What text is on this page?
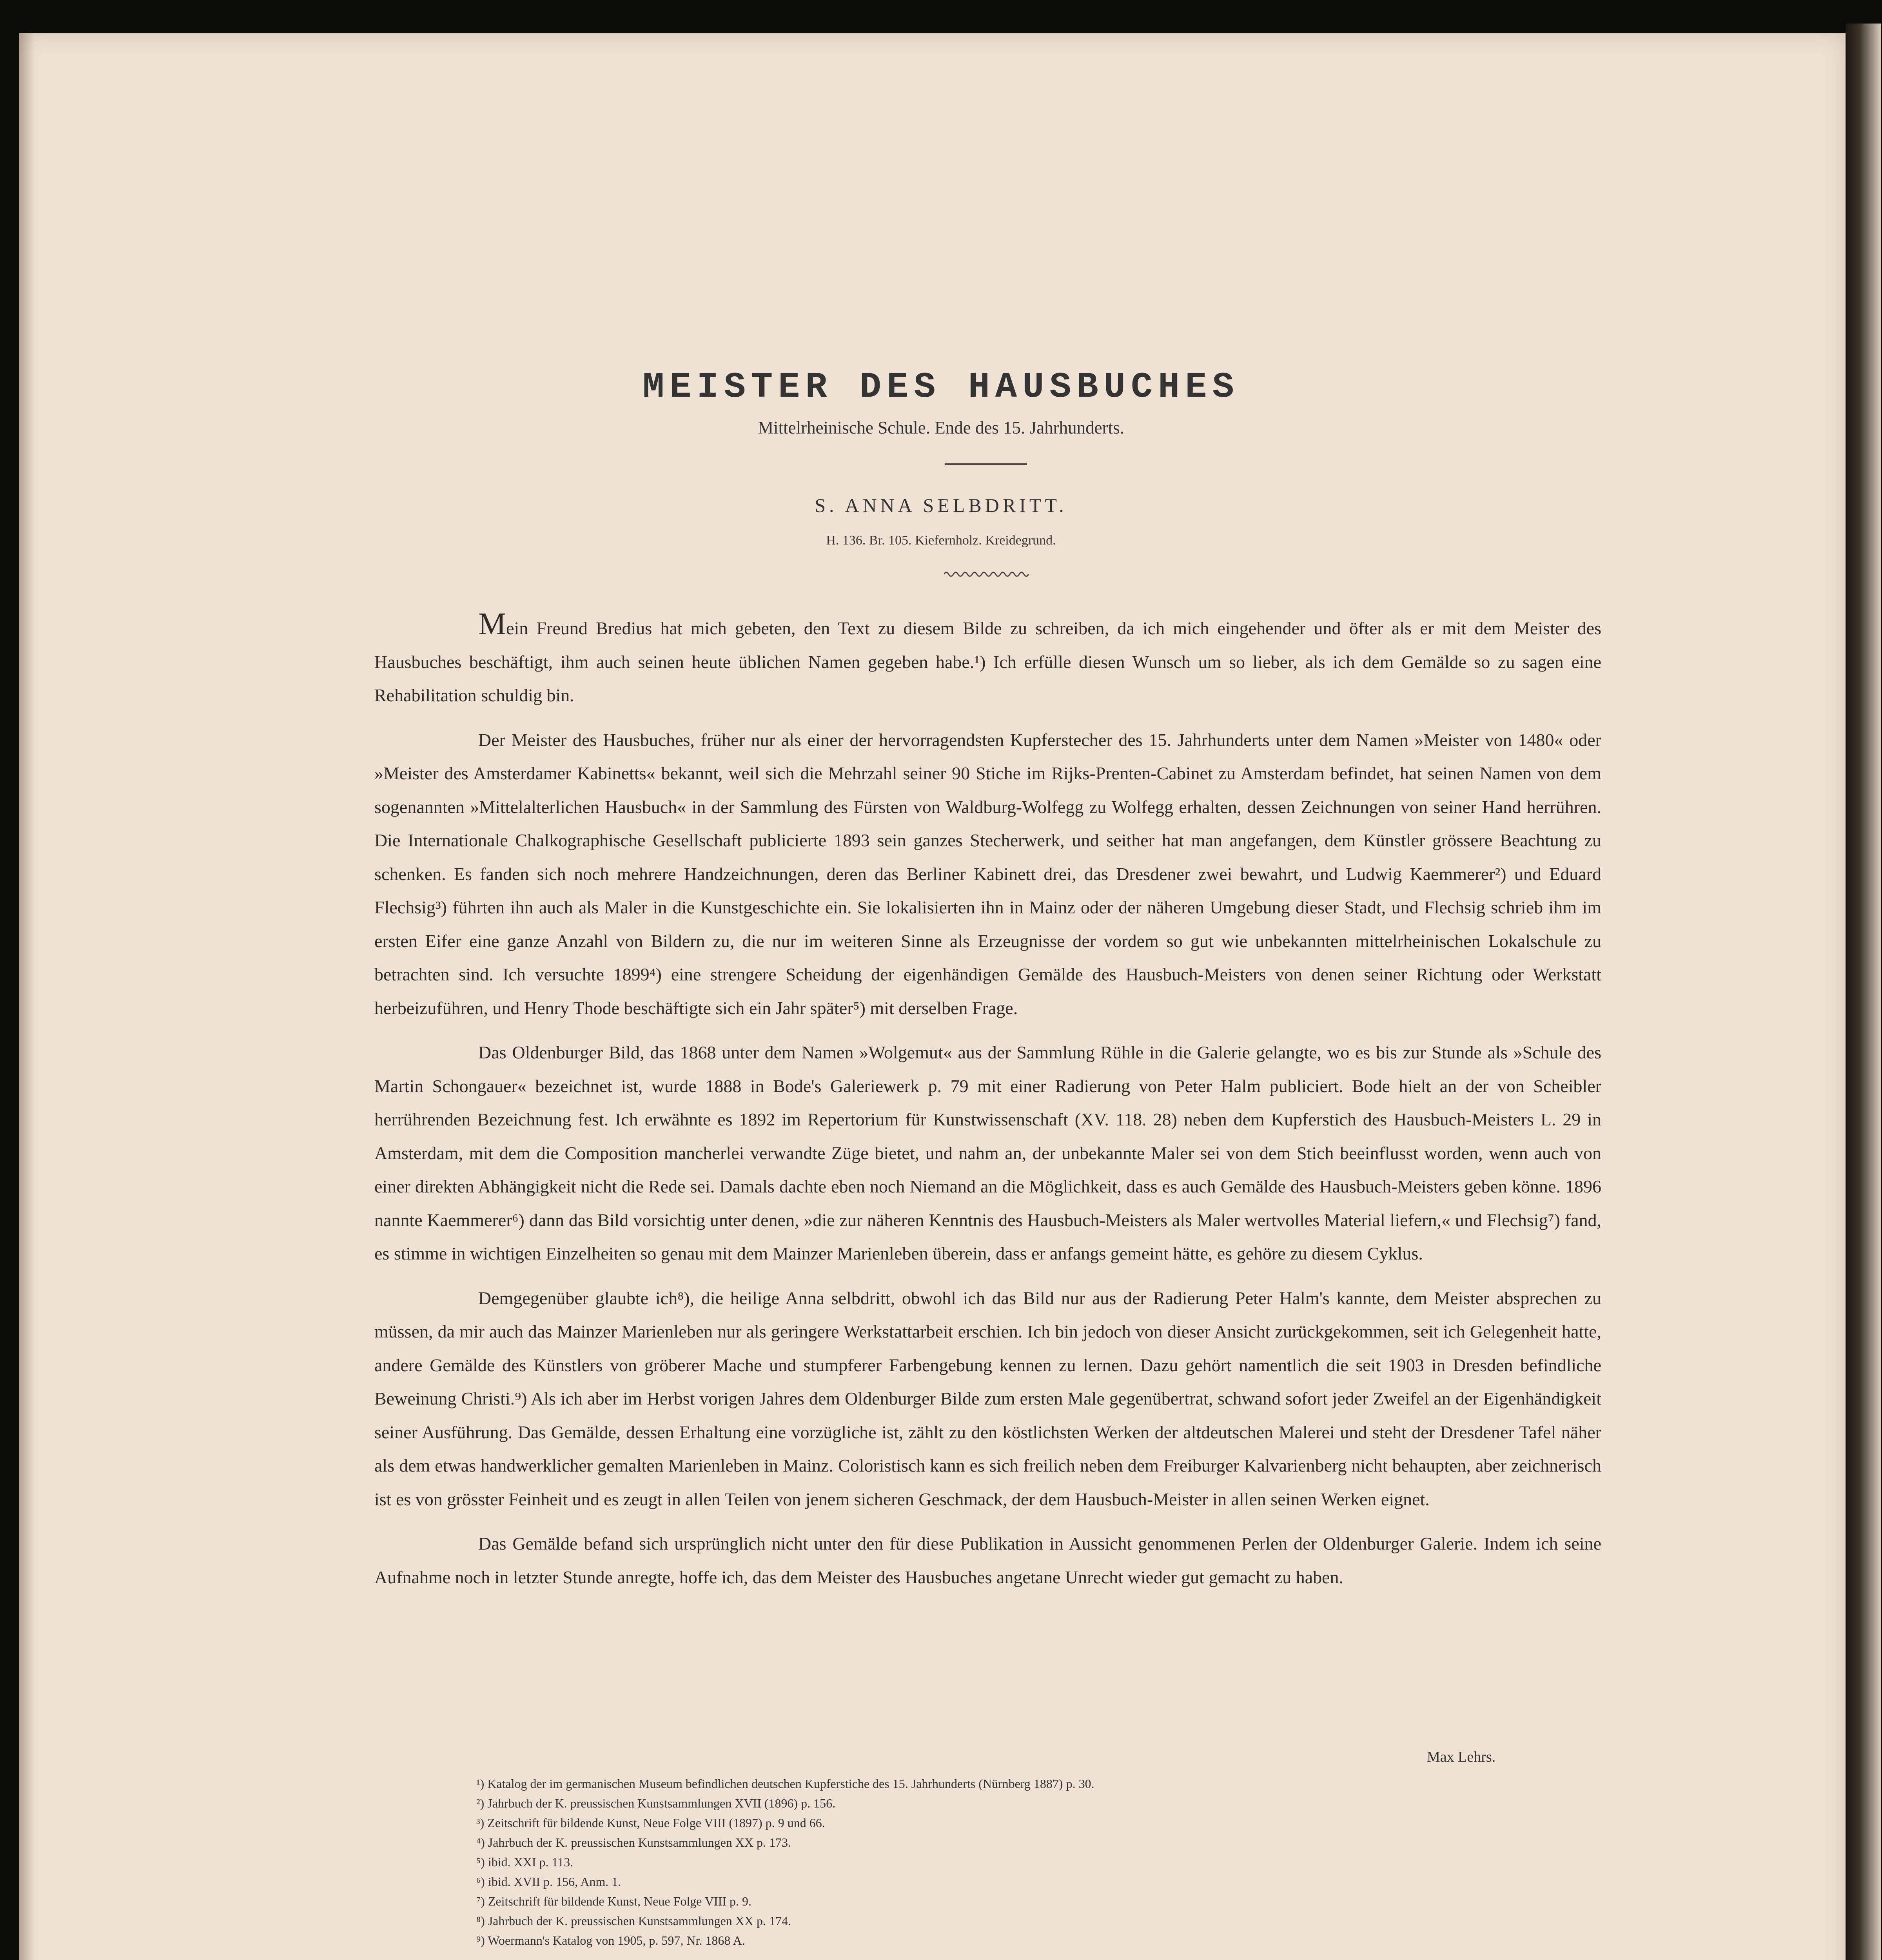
MEISTER DES HAUSBUCHES
Mittelrheinische Schule. Ende des 15. Jahrhunderts.
S. ANNA SELBDRITT.
H. 136. Br. 105. Kiefernholz. Kreidegrund.

Mein Freund Bredius hat mich gebeten, den Text zu diesem Bilde zu schreiben, da ich mich eingehender und öfter als er mit dem Meister des Hausbuches beschäftigt, ihm auch seinen heute üblichen Namen gegeben habe.¹) Ich erfülle diesen Wunsch um so lieber, als ich dem Gemälde so zu sagen eine Rehabilitation schuldig bin.

Der Meister des Hausbuches, früher nur als einer der hervorragendsten Kupferstecher des 15. Jahrhunderts unter dem Namen »Meister von 1480« oder »Meister des Amsterdamer Kabinetts« bekannt, weil sich die Mehrzahl seiner 90 Stiche im Rijks-Prenten-Cabinet zu Amsterdam befindet, hat seinen Namen von dem sogenannten »Mittelalterlichen Hausbuch« in der Sammlung des Fürsten von Waldburg-Wolfegg zu Wolfegg erhalten, dessen Zeichnungen von seiner Hand herrühren. Die Internationale Chalkographische Gesellschaft publicierte 1893 sein ganzes Stecherwerk, und seither hat man angefangen, dem Künstler grössere Beachtung zu schenken. Es fanden sich noch mehrere Handzeichnungen, deren das Berliner Kabinett drei, das Dresdener zwei bewahrt, und Ludwig Kaemmerer²) und Eduard Flechsig³) führten ihn auch als Maler in die Kunstgeschichte ein. Sie lokalisierten ihn in Mainz oder der näheren Umgebung dieser Stadt, und Flechsig schrieb ihm im ersten Eifer eine ganze Anzahl von Bildern zu, die nur im weiteren Sinne als Erzeugnisse der vordem so gut wie unbekannten mittelrheinischen Lokalschule zu betrachten sind. Ich versuchte 1899⁴) eine strengere Scheidung der eigenhändigen Gemälde des Hausbuch-Meisters von denen seiner Richtung oder Werkstatt herbeizuführen, und Henry Thode beschäftigte sich ein Jahr später⁵) mit derselben Frage.

Das Oldenburger Bild, das 1868 unter dem Namen »Wolgemut« aus der Sammlung Rühle in die Galerie gelangte, wo es bis zur Stunde als »Schule des Martin Schongauer« bezeichnet ist, wurde 1888 in Bode's Galeriewerk p. 79 mit einer Radierung von Peter Halm publiciert. Bode hielt an der von Scheibler herrührenden Bezeichnung fest. Ich erwähnte es 1892 im Repertorium für Kunstwissenschaft (XV. 118. 28) neben dem Kupferstich des Hausbuch-Meisters L. 29 in Amsterdam, mit dem die Composition mancherlei verwandte Züge bietet, und nahm an, der unbekannte Maler sei von dem Stich beeinflusst worden, wenn auch von einer direkten Abhängigkeit nicht die Rede sei. Damals dachte eben noch Niemand an die Möglichkeit, dass es auch Gemälde des Hausbuch-Meisters geben könne. 1896 nannte Kaemmerer⁶) dann das Bild vorsichtig unter denen, »die zur näheren Kenntnis des Hausbuch-Meisters als Maler wertvolles Material liefern,« und Flechsig⁷) fand, es stimme in wichtigen Einzelheiten so genau mit dem Mainzer Marienleben überein, dass er anfangs gemeint hätte, es gehöre zu diesem Cyklus.

Demgegenüber glaubte ich⁸), die heilige Anna selbdritt, obwohl ich das Bild nur aus der Radierung Peter Halm's kannte, dem Meister absprechen zu müssen, da mir auch das Mainzer Marienleben nur als geringere Werkstattarbeit erschien. Ich bin jedoch von dieser Ansicht zurückgekommen, seit ich Gelegenheit hatte, andere Gemälde des Künstlers von gröberer Mache und stumpferer Farbengebung kennen zu lernen. Dazu gehört namentlich die seit 1903 in Dresden befindliche Beweinung Christi.⁹) Als ich aber im Herbst vorigen Jahres dem Oldenburger Bilde zum ersten Male gegenübertrat, schwand sofort jeder Zweifel an der Eigenhändigkeit seiner Ausführung. Das Gemälde, dessen Erhaltung eine vorzügliche ist, zählt zu den köstlichsten Werken der altdeutschen Malerei und steht der Dresdener Tafel näher als dem etwas handwerklicher gemalten Marienleben in Mainz. Coloristisch kann es sich freilich neben dem Freiburger Kalvarienberg nicht behaupten, aber zeichnerisch ist es von grösster Feinheit und es zeugt in allen Teilen von jenem sicheren Geschmack, der dem Hausbuch-Meister in allen seinen Werken eignet.

Das Gemälde befand sich ursprünglich nicht unter den für diese Publikation in Aussicht genommenen Perlen der Oldenburger Galerie. Indem ich seine Aufnahme noch in letzter Stunde anregte, hoffe ich, das dem Meister des Hausbuches angetane Unrecht wieder gut gemacht zu haben.

Max Lehrs.
¹) Katalog der im germanischen Museum befindlichen deutschen Kupferstiche des 15. Jahrhunderts (Nürnberg 1887) p. 30.
²) Jahrbuch der K. preussischen Kunstsammlungen XVII (1896) p. 156.
³) Zeitschrift für bildende Kunst, Neue Folge VIII (1897) p. 9 und 66.
⁴) Jahrbuch der K. preussischen Kunstsammlungen XX p. 173.
⁵) ibid. XXI p. 113.
⁶) ibid. XVII p. 156, Anm. 1.
⁷) Zeitschrift für bildende Kunst, Neue Folge VIII p. 9.
⁸) Jahrbuch der K. preussischen Kunstsammlungen XX p. 174.
⁹) Woermann's Katalog von 1905, p. 597, Nr. 1868 A.
